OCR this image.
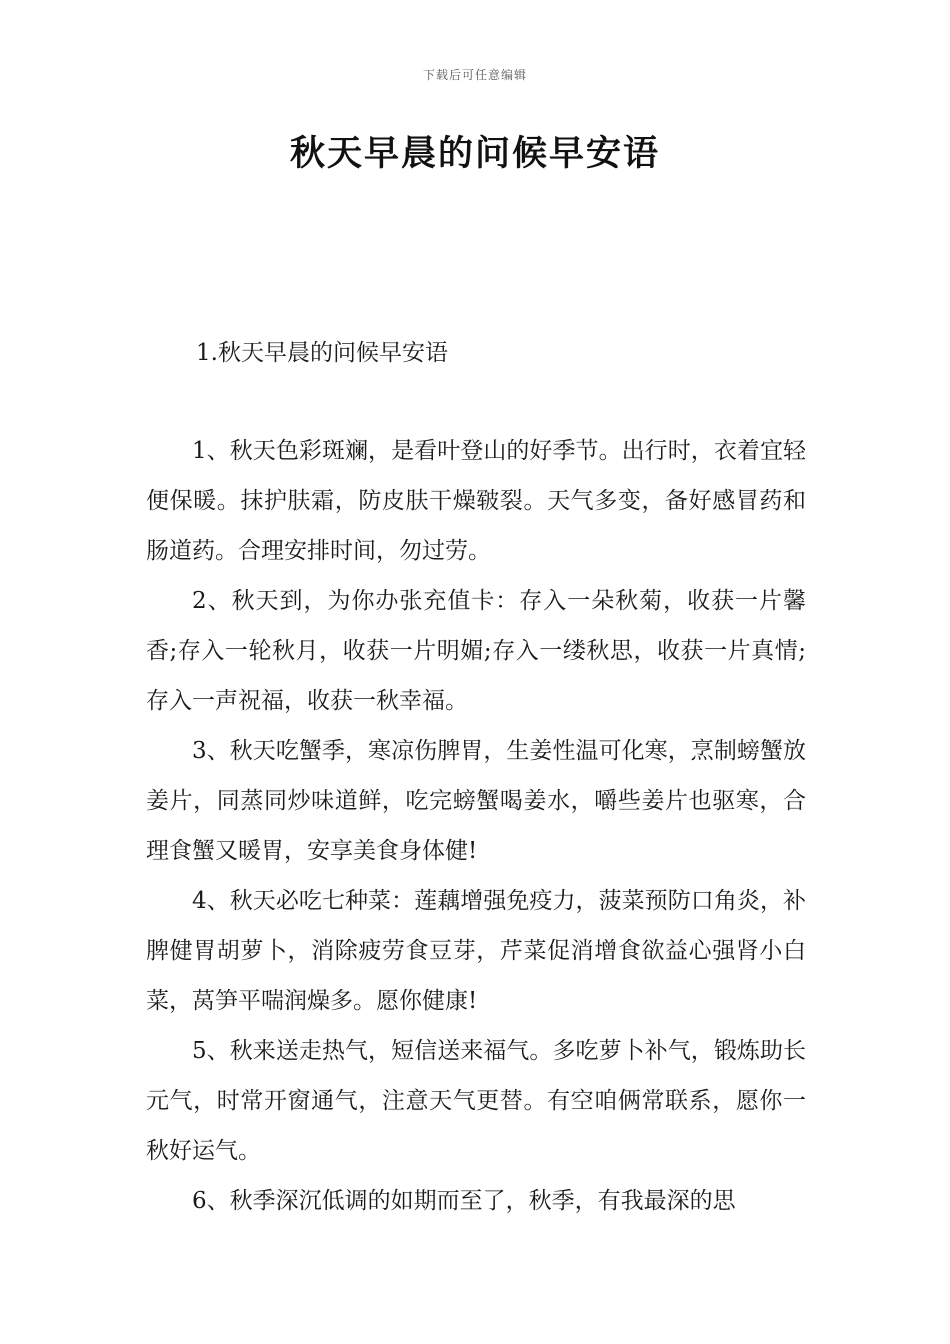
下载后可任意编辑
秋天早晨的问候早安语
1.秋天早晨的问候早安语

1、秋天色彩斑斓，是看叶登山的好季节。出行时，衣着宜轻便保暖。抹护肤霜，防皮肤干燥皲裂。天气多变，备好感冒药和肠道药。合理安排时间，勿过劳。

2、秋天到，为你办张充值卡：存入一朵秋菊，收获一片馨香;存入一轮秋月，收获一片明媚;存入一缕秋思，收获一片真情;存入一声祝福，收获一秋幸福。

3、秋天吃蟹季，寒凉伤脾胃，生姜性温可化寒，烹制螃蟹放姜片，同蒸同炒味道鲜，吃完螃蟹喝姜水，嚼些姜片也驱寒，合理食蟹又暖胃，安享美食身体健!

4、秋天必吃七种菜：莲藕增强免疫力，菠菜预防口角炎，补脾健胃胡萝卜，消除疲劳食豆芽，芹菜促消增食欲益心强肾小白菜，莴笋平喘润燥多。愿你健康!

5、秋来送走热气，短信送来福气。多吃萝卜补气，锻炼助长元气，时常开窗通气，注意天气更替。有空咱俩常联系，愿你一秋好运气。

6、秋季深沉低调的如期而至了，秋季，有我最深的思
